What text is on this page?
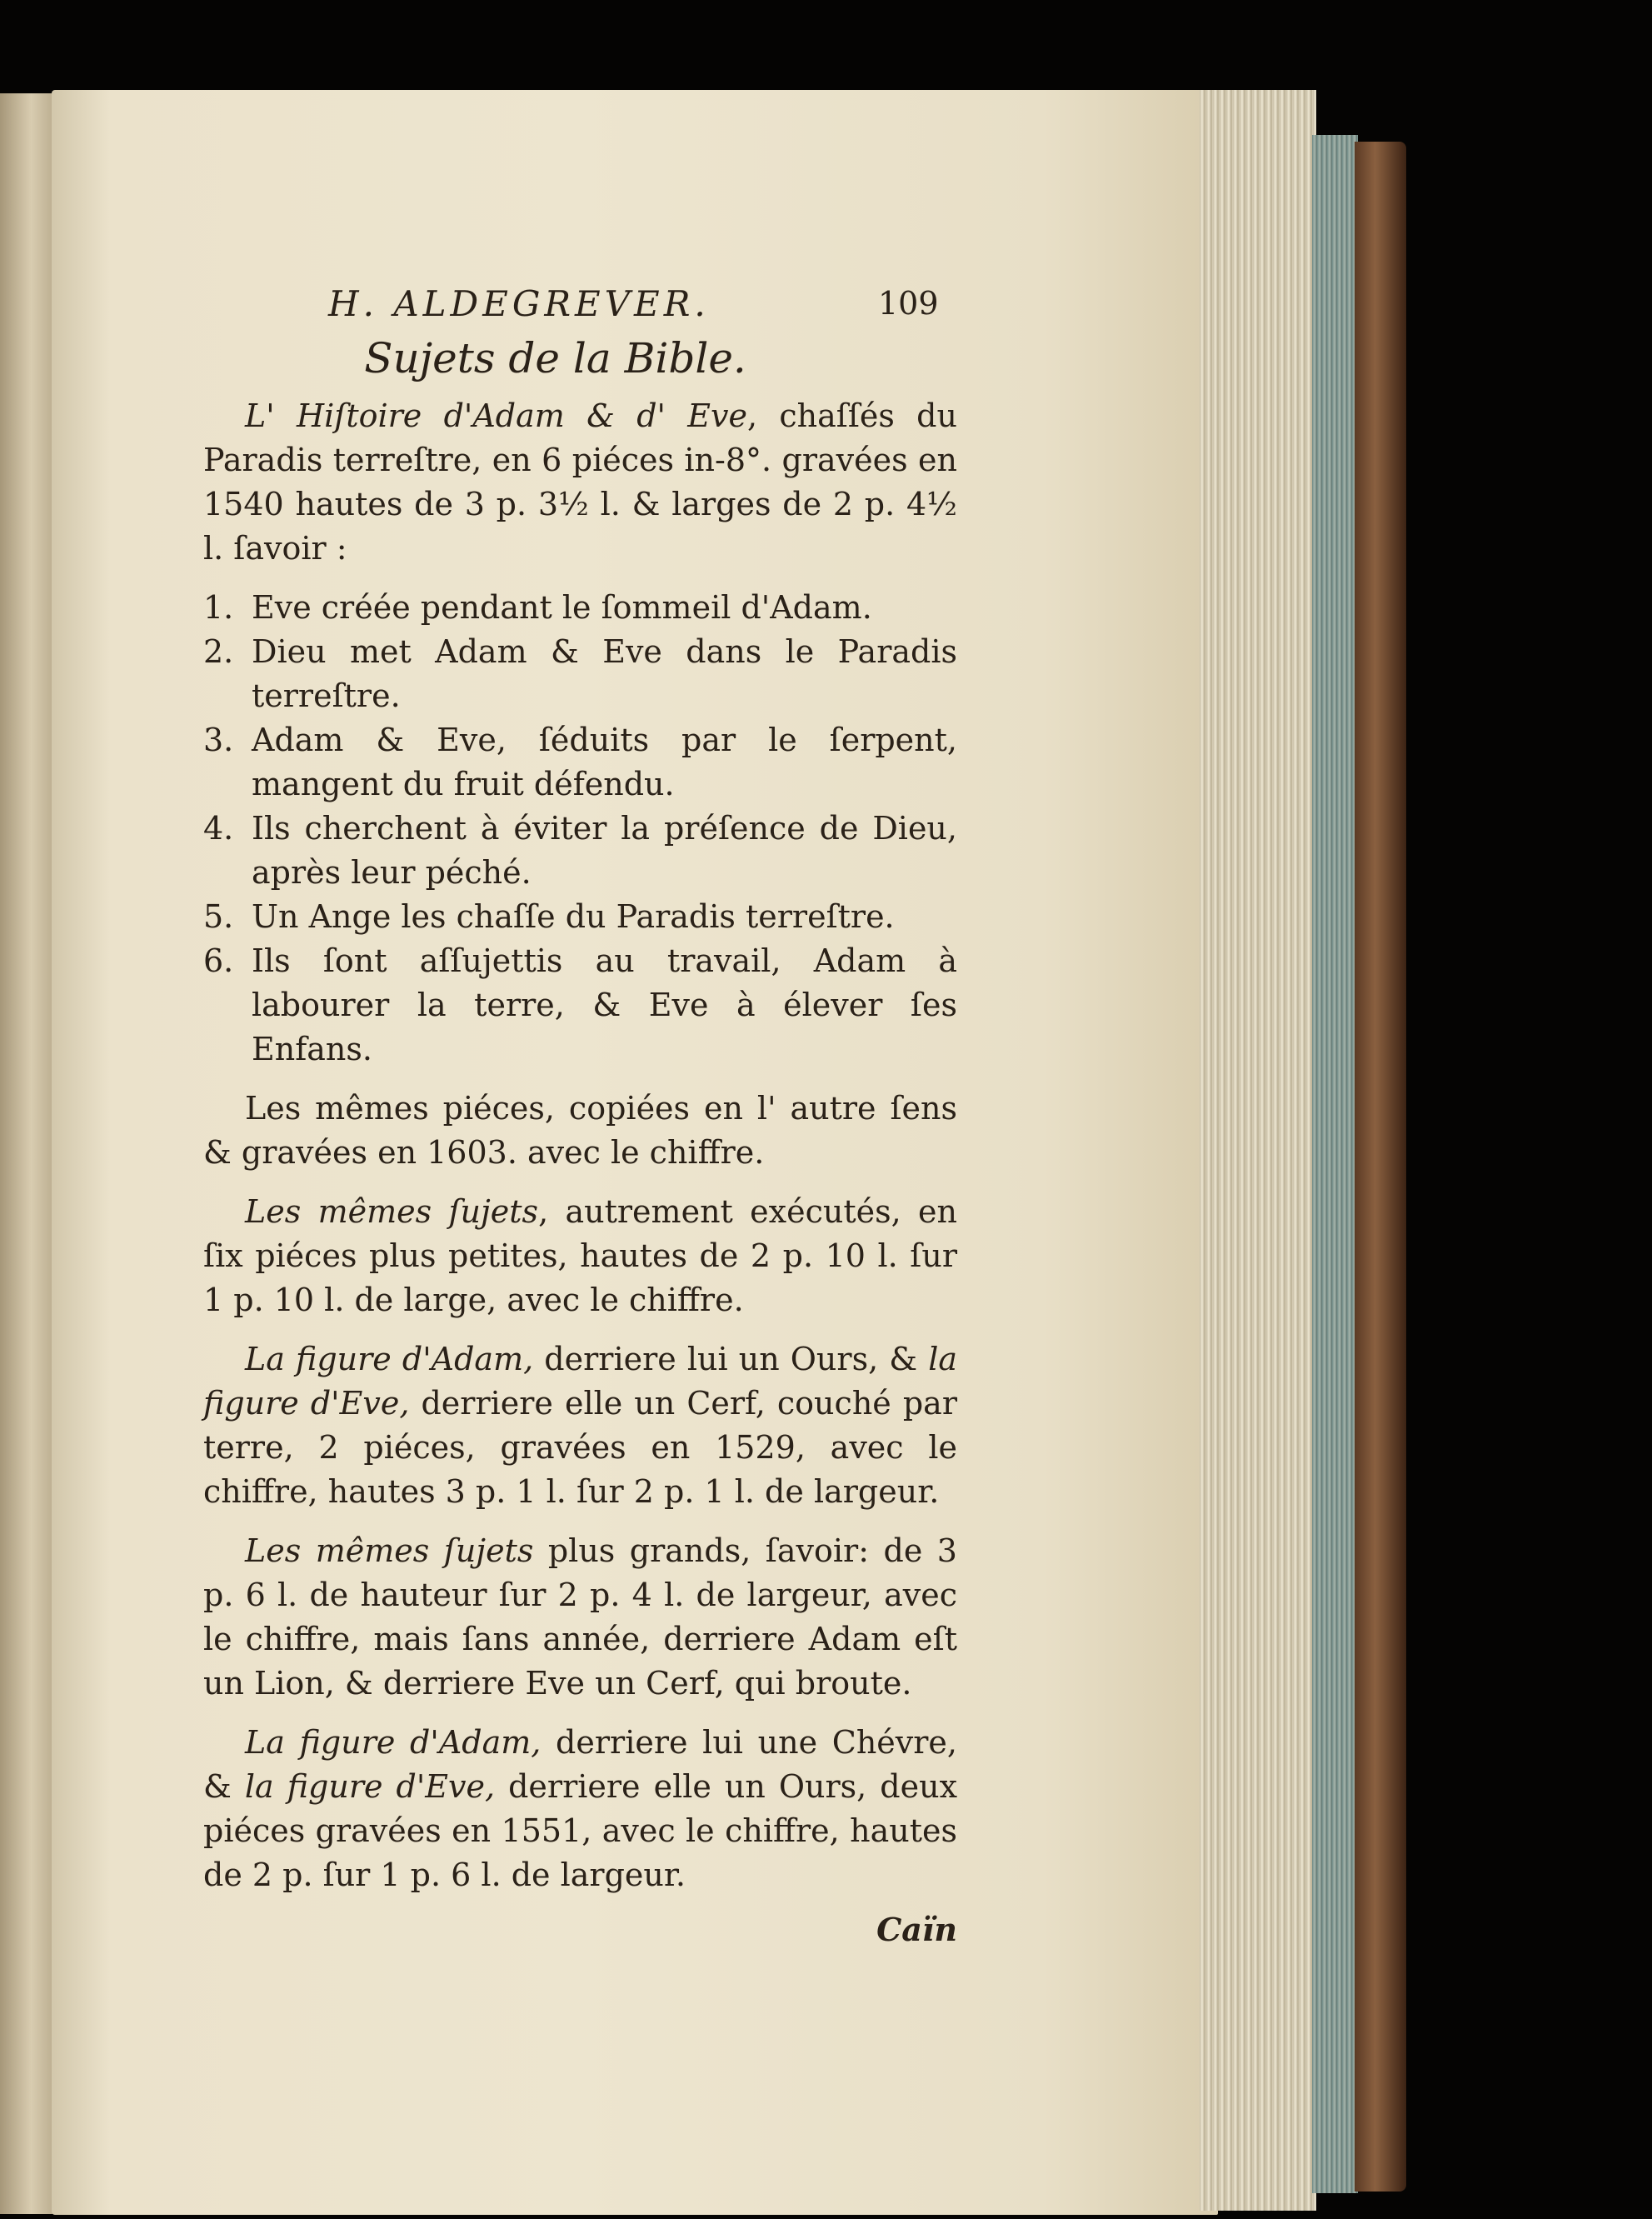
H. ALDEGREVER.	109
Sujets de la Bible.

L' Hiſtoire d'Adam & d' Eve, chaſſés du Paradis terreſtre, en 6 piéces in-8°. gravées en 1540 hautes de 3 p. 3½ l. & larges de 2 p. 4½ l. ſavoir :

1. Eve créée pendant le ſommeil d'Adam.
2. Dieu met Adam & Eve dans le Paradis terreſtre.
3. Adam & Eve, ſéduits par le ſerpent, mangent du fruit défendu.
4. Ils cherchent à éviter la préſence de Dieu, après leur péché.
5. Un Ange les chaſſe du Paradis terreſtre.
6. Ils ſont aſſujettis au travail, Adam à labourer la terre, & Eve à élever ſes Enfans.

Les mêmes piéces, copiées en l' autre ſens & gravées en 1603. avec le chiffre.

Les mêmes ſujets, autrement exécutés, en ſix piéces plus petites, hautes de 2 p. 10 l. ſur 1 p. 10 l. de large, avec le chiffre.

La figure d'Adam, derriere lui un Ours, & la figure d'Eve, derriere elle un Cerf, couché par terre, 2 piéces, gravées en 1529, avec le chiffre, hautes 3 p. 1 l. ſur 2 p. 1 l. de largeur.

Les mêmes ſujets plus grands, ſavoir: de 3 p. 6 l. de hauteur ſur 2 p. 4 l. de largeur, avec le chiffre, mais ſans année, derriere Adam eſt un Lion, & derriere Eve un Cerf, qui broute.

La figure d'Adam, derriere lui une Chévre, & la figure d'Eve, derriere elle un Ours, deux piéces gravées en 1551, avec le chiffre, hautes de 2 p. ſur 1 p. 6 l. de largeur.

Caïn
